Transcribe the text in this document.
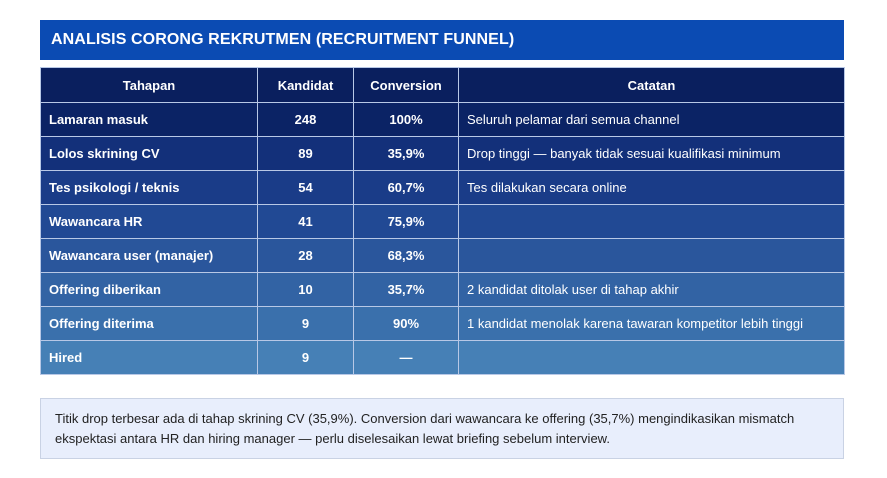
ANALISIS CORONG REKRUTMEN (RECRUITMENT FUNNEL)
Tahapan	Kandidat	Conversion	Catatan
Lamaran masuk	248	100%	Seluruh pelamar dari semua channel
Lolos skrining CV	89	35,9%	Drop tinggi — banyak tidak sesuai kualifikasi minimum
Tes psikologi / teknis	54	60,7%	Tes dilakukan secara online
Wawancara HR	41	75,9%	
Wawancara user (manajer)	28	68,3%	
Offering diberikan	10	35,7%	2 kandidat ditolak user di tahap akhir
Offering diterima	9	90%	1 kandidat menolak karena tawaran kompetitor lebih tinggi
Hired	9	—	
Titik drop terbesar ada di tahap skrining CV (35,9%). Conversion dari wawancara ke offering (35,7%) mengindikasikan mismatch ekspektasi antara HR dan hiring manager — perlu diselesaikan lewat briefing sebelum interview.
